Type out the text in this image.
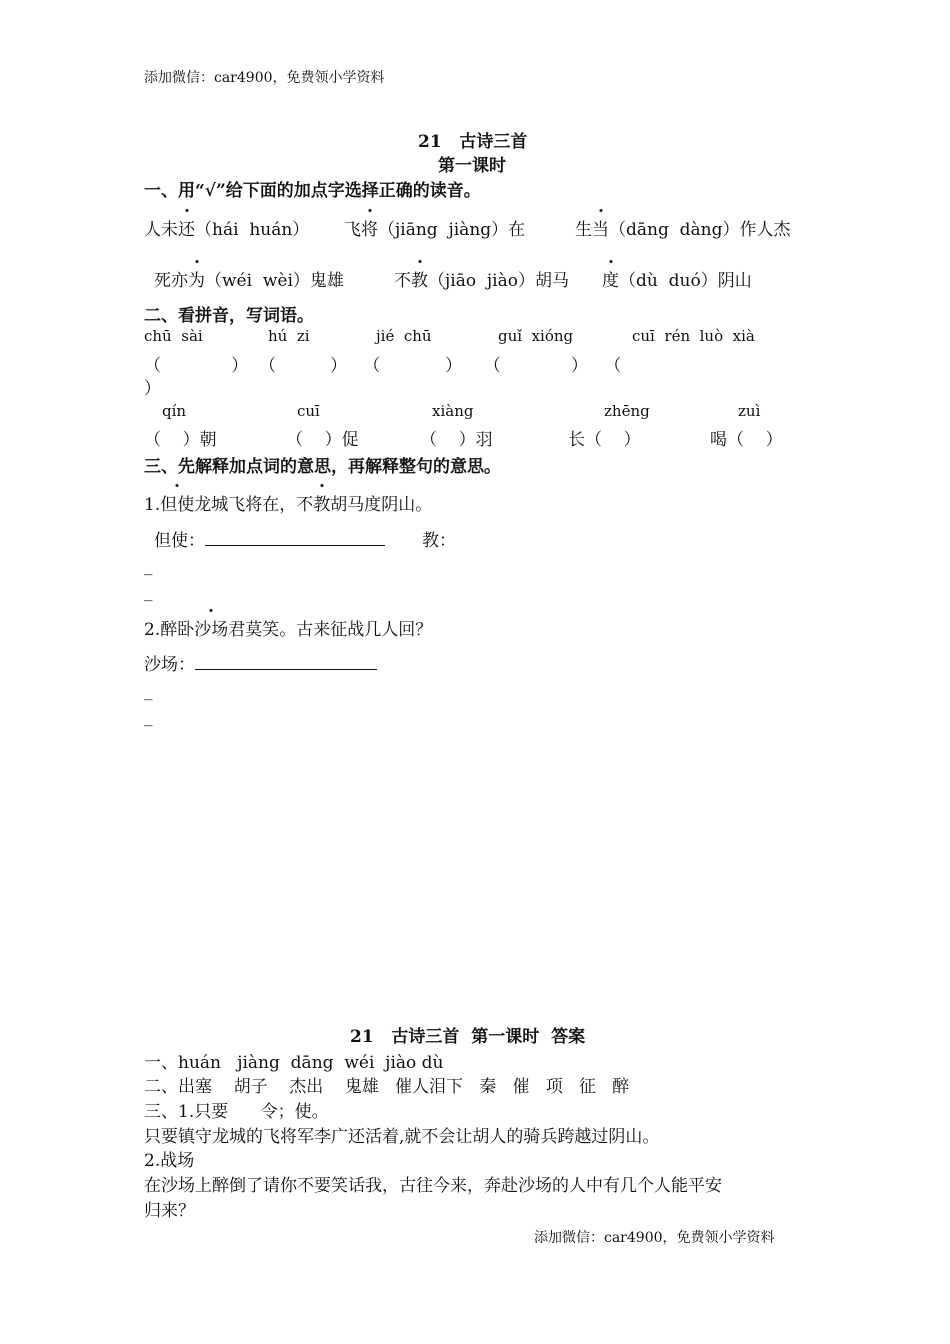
添加微信：car4900，免费领小学资料
21   古诗三首
第一课时
一、用“√”给下面的加点字选择正确的读音。
人未还（hái  huán） 飞将（jiāng  jiàng）在	生当（dāng  dàng）作人杰
死亦为（wéi  wèi）鬼雄	不教（jiāo  jiào）胡马 度（dù  duó）阴山
二、看拼音，写词语。
chū  sài	hú  zi	jié  chū	guǐ  xióng	cuī  rén  luò  xià
（             ）  （          ）   （            ）    （             ）   （
）
qín	cuī	xiàng	zhēng	zuì
（    ）朝	（    ）促	（    ）羽	长（    ）	喝（    ）
三、先解释加点词的意思，再解释整句的意思。
1.但使龙城飞将在，不教胡马度阴山。
但使：	教：
_
_
2.醉卧沙场君莫笑。古来征战几人回？
沙场：
_
_
21   古诗三首  第一课时  答案
一、huán   jiàng  dāng  wéi  jiào dù
二、出塞    胡子    杰出    鬼雄   催人泪下   秦   催   项   征   醉
三、1.只要      令；使。
只要镇守龙城的飞将军李广还活着,就不会让胡人的骑兵跨越过阴山。
2.战场
在沙场上醉倒了请你不要笑话我，古往今来，奔赴沙场的人中有几个人能平安
归来？
添加微信：car4900，免费领小学资料
